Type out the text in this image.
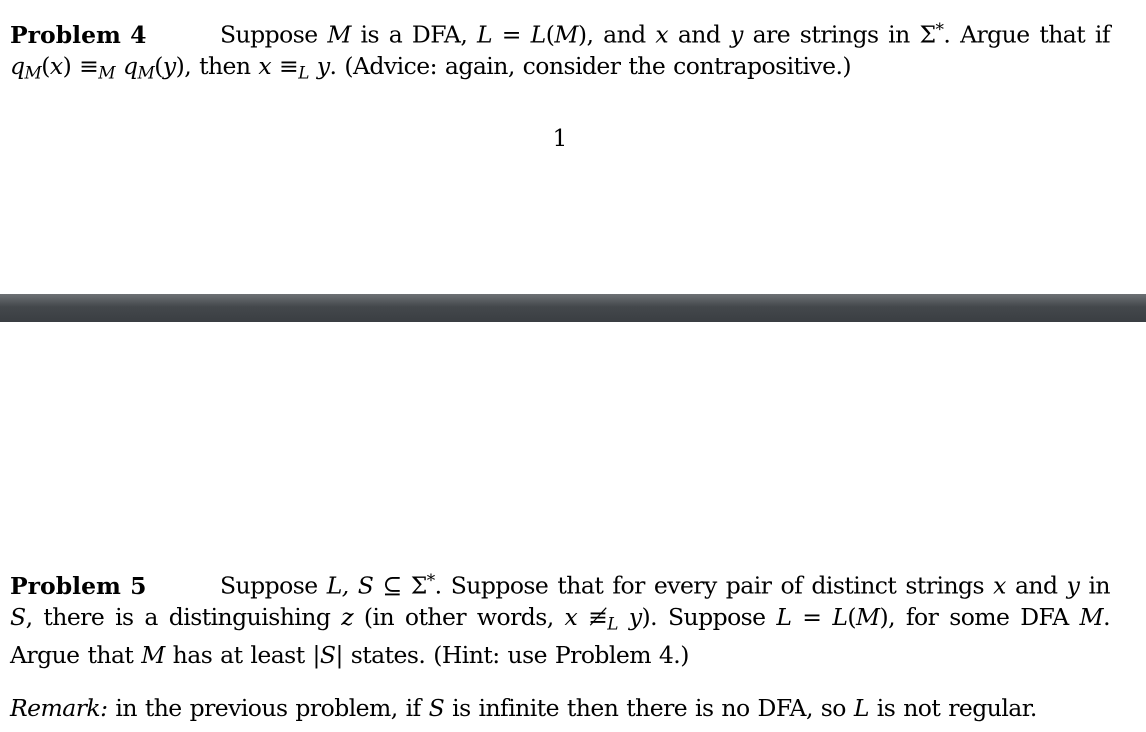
Problem 4	Suppose M is a DFA, L = L(M), and x and y are strings in Σ*. Argue that if $q_M(x) \equiv_M$ $q_M(y)$, then $x \equiv_L$ y. (Advice: again, consider the contrapositive.)
1
Problem 5	Suppose L, S ⊆ Σ*. Suppose that for every pair of distinct strings x and y in S, there is a distinguishing z (in other words, x $≢_L$ y). Suppose L = L(M), for some DFA M. Argue that M has at least |S| states. (Hint: use Problem 4.)
Remark: in the previous problem, if S is infinite then there is no DFA, so L is not regular.
